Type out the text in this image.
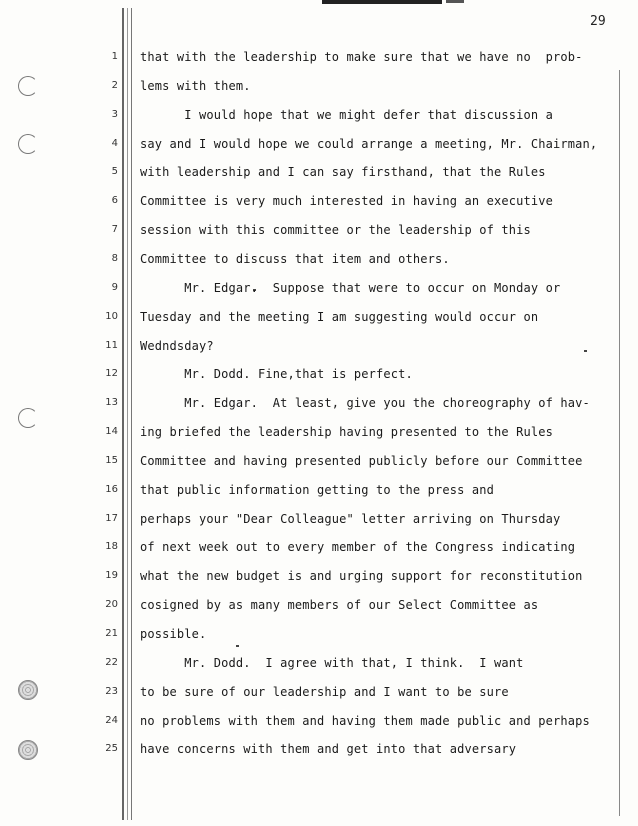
29
1 that with the leadership to make sure that we have no  prob-
2 lems with them.
3 I would hope that we might defer that discussion a
4 say and I would hope we could arrange a meeting, Mr. Chairman,
5 with leadership and I can say firsthand, that the Rules
6 Committee is very much interested in having an executive
7 session with this committee or the leadership of this
8 Committee to discuss that item and others.
9 Mr. Edgar.  Suppose that were to occur on Monday or
10 Tuesday and the meeting I am suggesting would occur on
11 Wedndsday?
12 Mr. Dodd. Fine,that is perfect.
13 Mr. Edgar.  At least, give you the choreography of hav-
14 ing briefed the leadership having presented to the Rules
15 Committee and having presented publicly before our Committee
16 that public information getting to the press and
17 perhaps your "Dear Colleague" letter arriving on Thursday
18 of next week out to every member of the Congress indicating
19 what the new budget is and urging support for reconstitution
20 cosigned by as many members of our Select Committee as
21 possible.
22 Mr. Dodd.  I agree with that, I think.  I want
23 to be sure of our leadership and I want to be sure
24 no problems with them and having them made public and perhaps
25 have concerns with them and get into that adversary
